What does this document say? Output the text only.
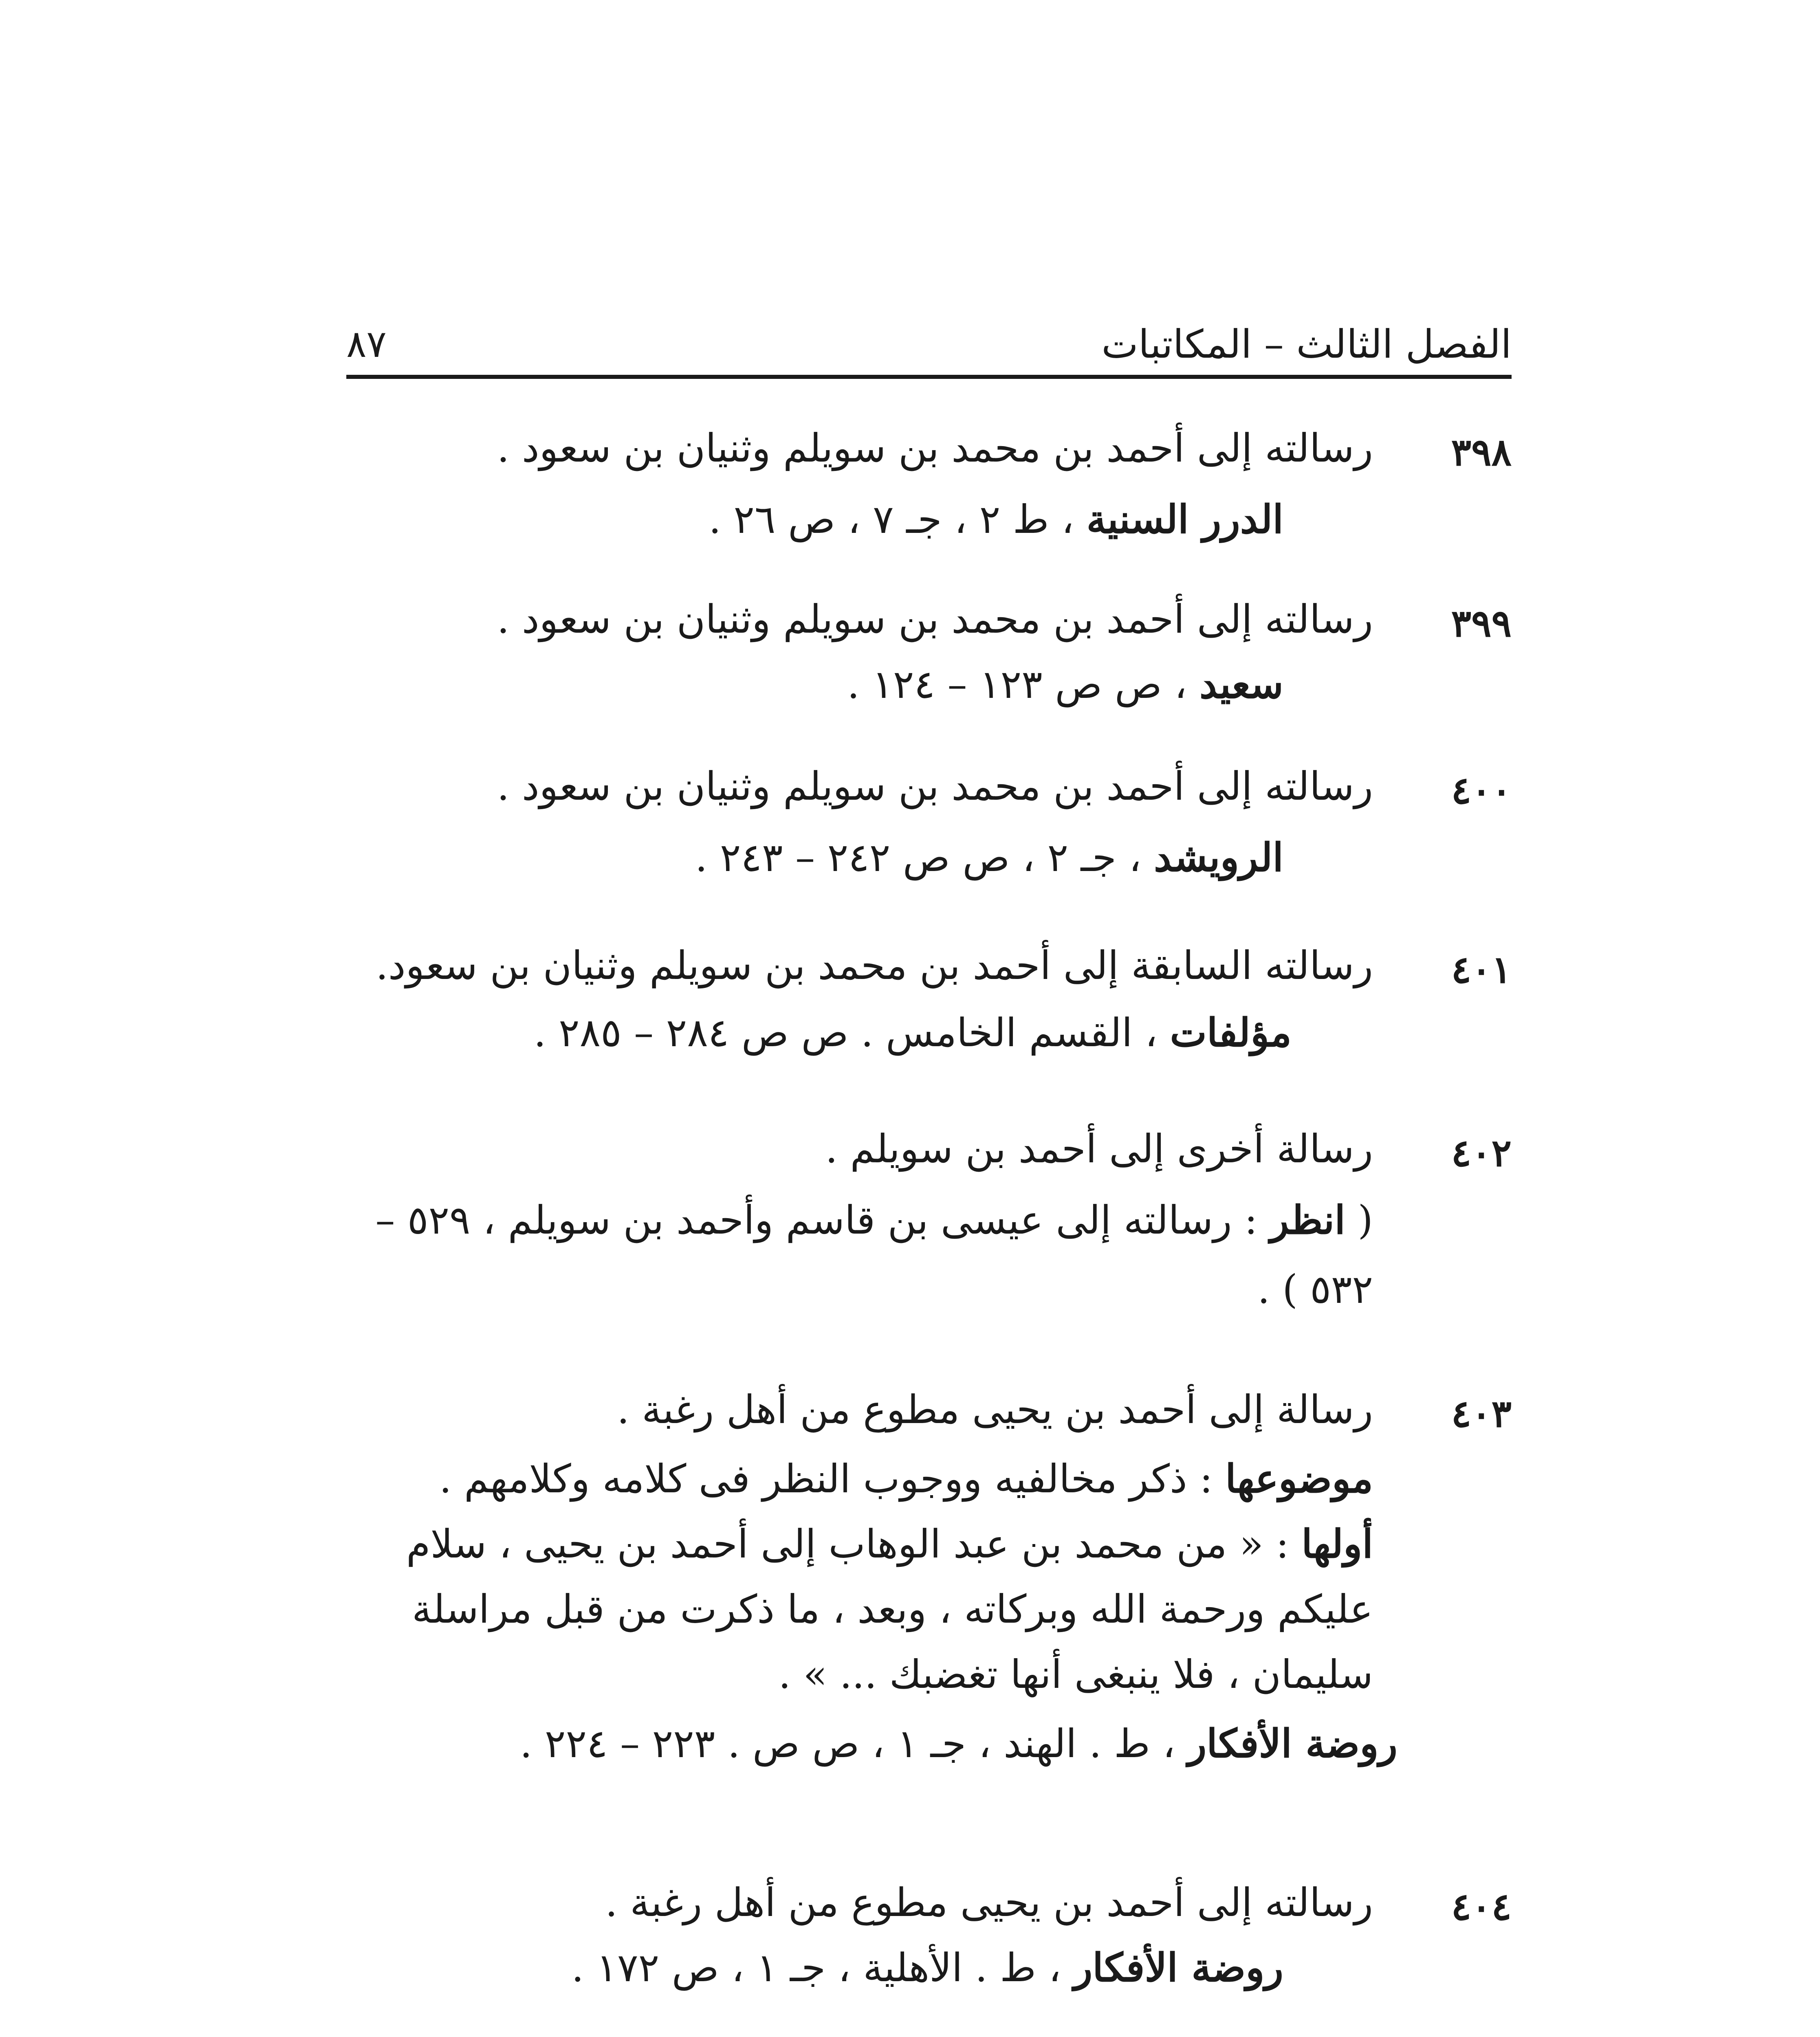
الفصل الثالث – المكاتبات
٨٧
٣٩٨
رسالته إلى أحمد بن محمد بن سويلم وثنيان بن سعود .
الدرر السنية ، ط ٢ ، جـ ٧ ، ص ٢٦ .
٣٩٩
رسالته إلى أحمد بن محمد بن سويلم وثنيان بن سعود .
سعيد ، ص ص ١٢٣ – ١٢٤ .
٤٠٠
رسالته إلى أحمد بن محمد بن سويلم وثنيان بن سعود .
الرويشد ، جـ ٢ ، ص ص ٢٤٢ – ٢٤٣ .
٤٠١
رسالته السابقة إلى أحمد بن محمد بن سويلم وثنيان بن سعود.
مؤلفات ، القسم الخامس . ص ص ٢٨٤ – ٢٨٥ .
٤٠٢
رسالة أخرى إلى أحمد بن سويلم .
( انظر : رسالته إلى عيسى بن قاسم وأحمد بن سويلم ، ٥٢٩ –
٥٣٢ ) .
٤٠٣
رسالة إلى أحمد بن يحيى مطوع من أهل رغبة .
موضوعها : ذكر مخالفيه ووجوب النظر فى كلامه وكلامهم .
أولها : « من محمد بن عبد الوهاب إلى أحمد بن يحيى ، سلام
عليكم ورحمة الله وبركاته ، وبعد ، ما ذكرت من قبل مراسلة
سليمان ، فلا ينبغى أنها تغضبك ... » .
روضة الأفكار ، ط . الهند ، جـ ١ ، ص ص . ٢٢٣ – ٢٢٤ .
٤٠٤
رسالته إلى أحمد بن يحيى مطوع من أهل رغبة .
روضة الأفكار ، ط . الأهلية ، جـ ١ ، ص ١٧٢ .
